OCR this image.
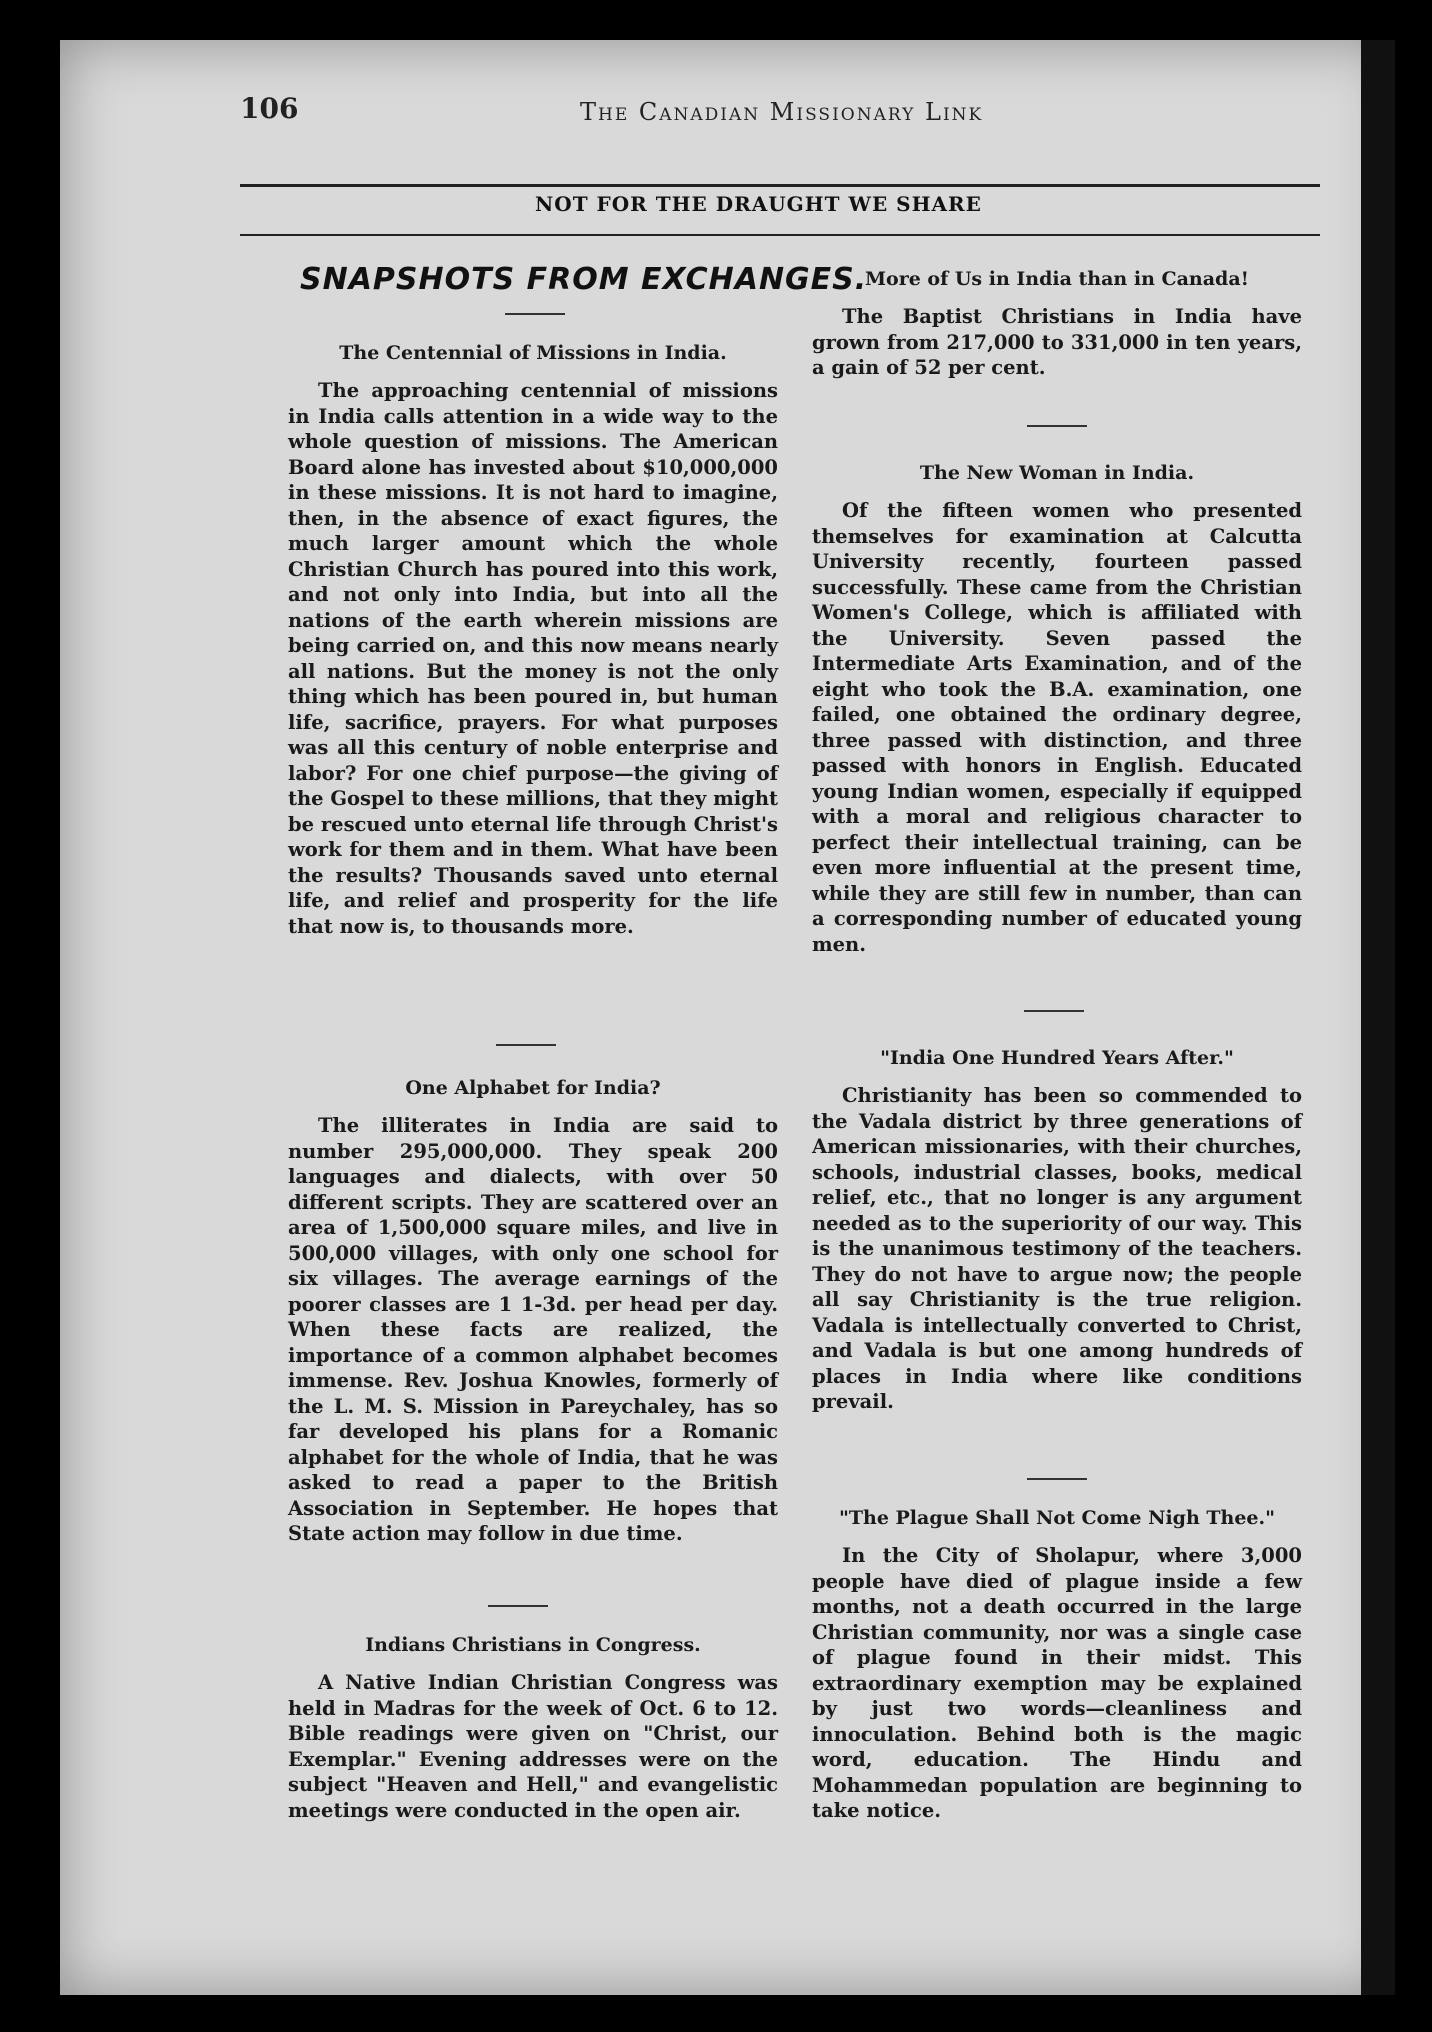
106	The Canadian Missionary Link
NOT FOR THE DRAUGHT WE SHARE
SNAPSHOTS FROM EXCHANGES.
The Centennial of Missions in India.

The approaching centennial of missions in India calls attention in a wide way to the whole question of missions. The American Board alone has invested about $10,000,000 in these missions. It is not hard to imagine, then, in the absence of exact figures, the much larger amount which the whole Christian Church has poured into this work, and not only into India, but into all the nations of the earth wherein missions are being carried on, and this now means nearly all nations. But the money is not the only thing which has been poured in, but human life, sacrifice, prayers. For what purposes was all this century of noble enterprise and labor? For one chief purpose—the giving of the Gospel to these millions, that they might be rescued unto eternal life through Christ's work for them and in them. What have been the results? Thousands saved unto eternal life, and relief and prosperity for the life that now is, to thousands more.

One Alphabet for India?

The illiterates in India are said to number 295,000,000. They speak 200 languages and dialects, with over 50 different scripts. They are scattered over an area of 1,500,000 square miles, and live in 500,000 villages, with only one school for six villages. The average earnings of the poorer classes are 1 1-3d. per head per day. When these facts are realized, the importance of a common alphabet becomes immense. Rev. Joshua Knowles, formerly of the L. M. S. Mission in Pareychaley, has so far developed his plans for a Romanic alphabet for the whole of India, that he was asked to read a paper to the British Association in September. He hopes that State action may follow in due time.

Indians Christians in Congress.

A Native Indian Christian Congress was held in Madras for the week of Oct. 6 to 12. Bible readings were given on "Christ, our Exemplar." Evening addresses were on the subject "Heaven and Hell," and evangelistic meetings were conducted in the open air.

More of Us in India than in Canada!

The Baptist Christians in India have grown from 217,000 to 331,000 in ten years, a gain of 52 per cent.

The New Woman in India.

Of the fifteen women who presented themselves for examination at Calcutta University recently, fourteen passed successfully. These came from the Christian Women's College, which is affiliated with the University. Seven passed the Intermediate Arts Examination, and of the eight who took the B.A. examination, one failed, one obtained the ordinary degree, three passed with distinction, and three passed with honors in English. Educated young Indian women, especially if equipped with a moral and religious character to perfect their intellectual training, can be even more influential at the present time, while they are still few in number, than can a corresponding number of educated young men.

"India One Hundred Years After."

Christianity has been so commended to the Vadala district by three generations of American missionaries, with their churches, schools, industrial classes, books, medical relief, etc., that no longer is any argument needed as to the superiority of our way. This is the unanimous testimony of the teachers. They do not have to argue now; the people all say Christianity is the true religion. Vadala is intellectually converted to Christ, and Vadala is but one among hundreds of places in India where like conditions prevail.

"The Plague Shall Not Come Nigh Thee."

In the City of Sholapur, where 3,000 people have died of plague inside a few months, not a death occurred in the large Christian community, nor was a single case of plague found in their midst. This extraordinary exemption may be explained by just two words—cleanliness and innoculation. Behind both is the magic word, education. The Hindu and Mohammedan population are beginning to take notice.
